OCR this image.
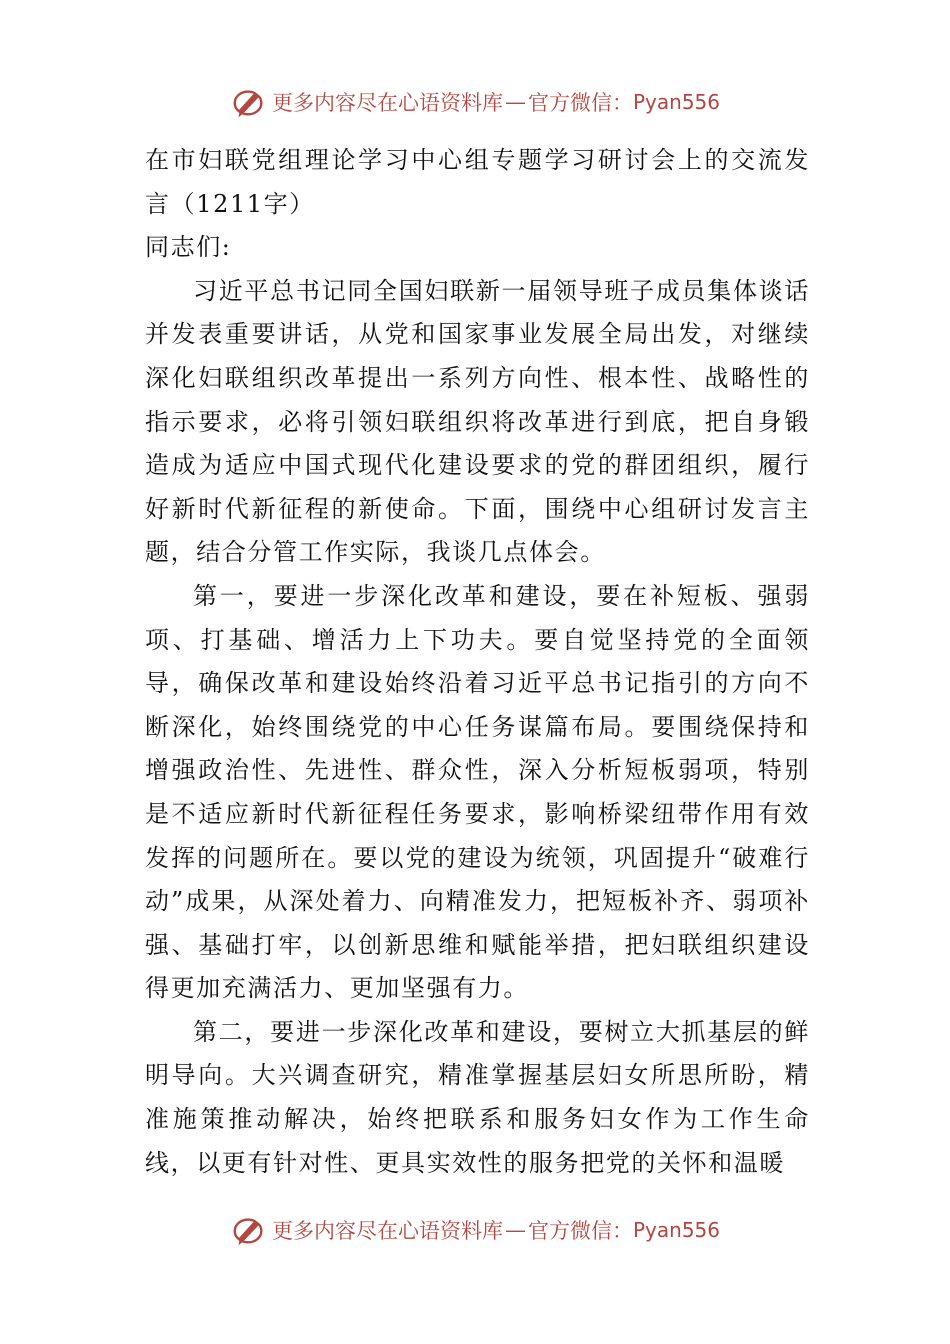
更多内容尽在心语资料库 — 官方微信： Pyan556
在市妇联党组理论学习中心组专题学习研讨会上的交流发言（1211字）
同志们:

习近平总书记同全国妇联新一届领导班子成员集体谈话并发表重要讲话，从党和国家事业发展全局出发，对继续深化妇联组织改革提出一系列方向性、根本性、战略性的指示要求，必将引领妇联组织将改革进行到底，把自身锻造成为适应中国式现代化建设要求的党的群团组织，履行好新时代新征程的新使命。下面，围绕中心组研讨发言主题，结合分管工作实际，我谈几点体会。

第一，要进一步深化改革和建设，要在补短板、强弱项、打基础、增活力上下功夫。要自觉坚持党的全面领导，确保改革和建设始终沿着习近平总书记指引的方向不断深化，始终围绕党的中心任务谋篇布局。要围绕保持和增强政治性、先进性、群众性，深入分析短板弱项，特别是不适应新时代新征程任务要求，影响桥梁纽带作用有效发挥的问题所在。要以党的建设为统领，巩固提升“破难行动”成果，从深处着力、向精准发力，把短板补齐、弱项补强、基础打牢，以创新思维和赋能举措，把妇联组织建设得更加充满活力、更加坚强有力。

第二，要进一步深化改革和建设，要树立大抓基层的鲜明导向。大兴调查研究，精准掌握基层妇女所思所盼，精准施策推动解决，始终把联系和服务妇女作为工作生命线，以更有针对性、更具实效性的服务把党的关怀和温暖

更多内容尽在心语资料库 — 官方微信： Pyan556
